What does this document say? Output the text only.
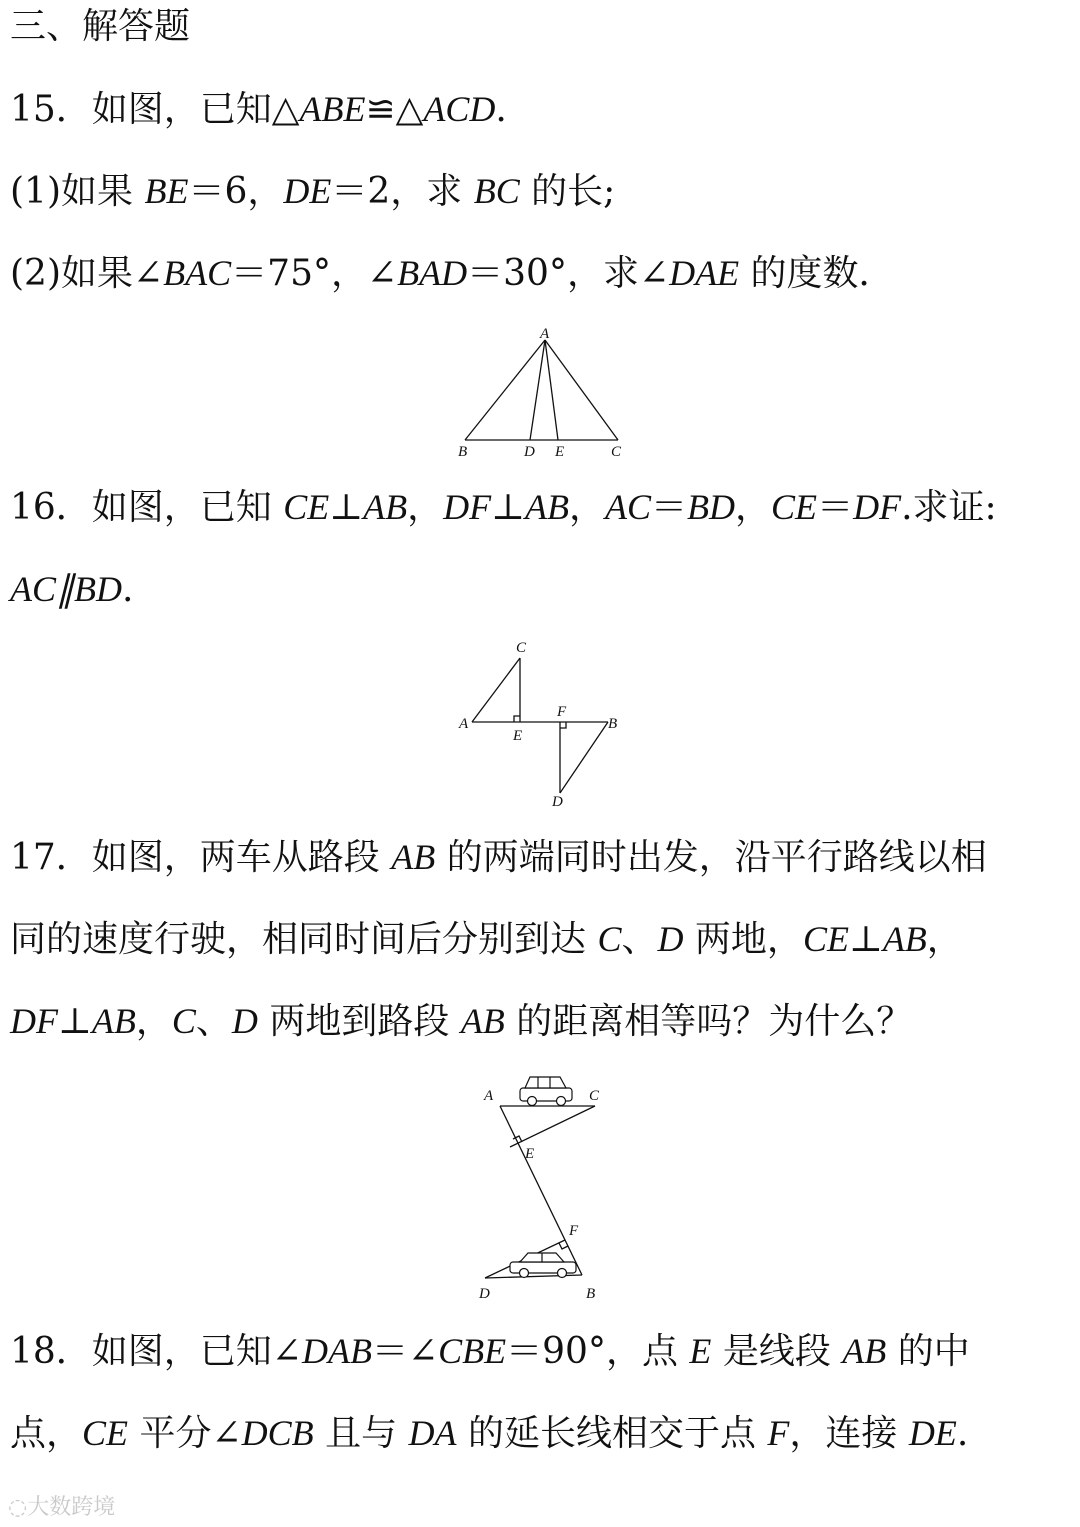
三、解答题
15．如图，已知△ABE≌△ACD.
(1)如果 BE＝6，DE＝2，求 BC 的长;
(2)如果∠BAC＝75°，∠BAD＝30°，求∠DAE 的度数．
A
B	D E	C
16．如图，已知 CE⊥AB，DF⊥AB，AC＝BD，CE＝DF.求证:
AC∥BD.
C
A
E
F
B
D
17．如图，两车从路段 AB 的两端同时出发，沿平行路线以相
同的速度行驶，相同时间后分别到达 C、D 两地，CE⊥AB，
DF⊥AB，C、D 两地到路段 AB 的距离相等吗？为什么？
A	C
E
F
D	B
18．如图，已知∠DAB＝∠CBE＝90°，点 E 是线段 AB 的中
点，CE 平分∠DCB 且与 DA 的延长线相交于点 F，连接 DE.
◌大数跨境
